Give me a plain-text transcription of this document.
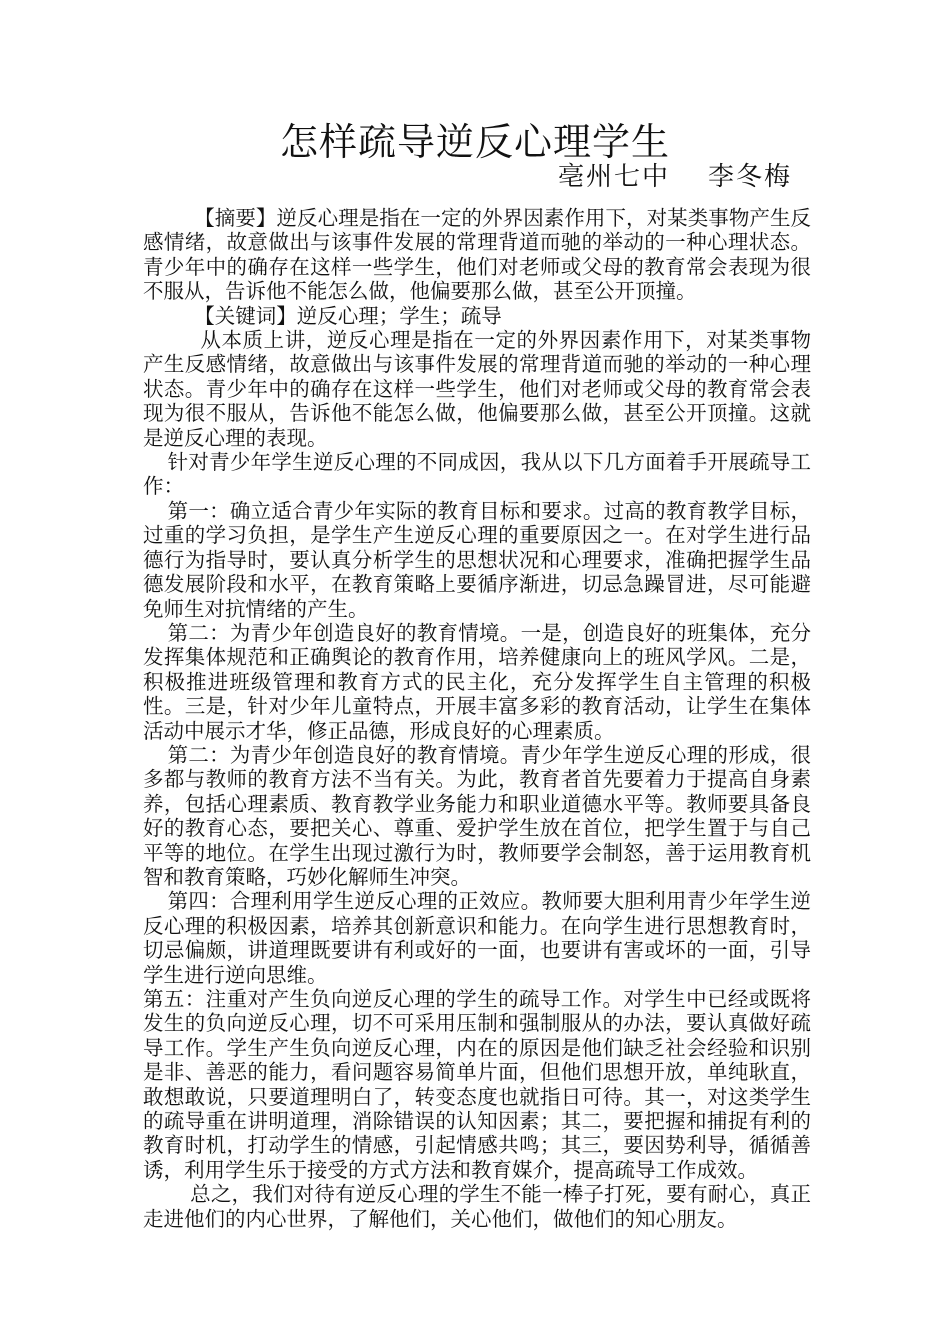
怎样疏导逆反心理学生
亳州七中 李冬梅

【摘要】逆反心理是指在一定的外界因素作用下，对某类事物产生反感情绪，故意做出与该事件发展的常理背道而驰的举动的一种心理状态。青少年中的确存在这样一些学生，他们对老师或父母的教育常会表现为很不服从，告诉他不能怎么做，他偏要那么做，甚至公开顶撞。

【关键词】逆反心理；学生；疏导

从本质上讲，逆反心理是指在一定的外界因素作用下，对某类事物产生反感情绪，故意做出与该事件发展的常理背道而驰的举动的一种心理状态。青少年中的确存在这样一些学生，他们对老师或父母的教育常会表现为很不服从，告诉他不能怎么做，他偏要那么做，甚至公开顶撞。这就是逆反心理的表现。

针对青少年学生逆反心理的不同成因，我从以下几方面着手开展疏导工作：

第一：确立适合青少年实际的教育目标和要求。过高的教育教学目标，过重的学习负担，是学生产生逆反心理的重要原因之一。在对学生进行品德行为指导时，要认真分析学生的思想状况和心理要求，准确把握学生品德发展阶段和水平，在教育策略上要循序渐进，切忌急躁冒进，尽可能避免师生对抗情绪的产生。

第二：为青少年创造良好的教育情境。一是，创造良好的班集体，充分发挥集体规范和正确舆论的教育作用，培养健康向上的班风学风。二是，积极推进班级管理和教育方式的民主化，充分发挥学生自主管理的积极性。三是，针对少年儿童特点，开展丰富多彩的教育活动，让学生在集体活动中展示才华，修正品德，形成良好的心理素质。

第二：为青少年创造良好的教育情境。青少年学生逆反心理的形成，很多都与教师的教育方法不当有关。为此，教育者首先要着力于提高自身素养，包括心理素质、教育教学业务能力和职业道德水平等。教师要具备良好的教育心态，要把关心、尊重、爱护学生放在首位，把学生置于与自己平等的地位。在学生出现过激行为时，教师要学会制怒，善于运用教育机智和教育策略，巧妙化解师生冲突。

第四：合理利用学生逆反心理的正效应。教师要大胆利用青少年学生逆反心理的积极因素，培养其创新意识和能力。在向学生进行思想教育时，切忌偏颇，讲道理既要讲有利或好的一面，也要讲有害或坏的一面，引导学生进行逆向思维。

第五：注重对产生负向逆反心理的学生的疏导工作。对学生中已经或既将发生的负向逆反心理，切不可采用压制和强制服从的办法，要认真做好疏导工作。学生产生负向逆反心理，内在的原因是他们缺乏社会经验和识别是非、善恶的能力，看问题容易简单片面，但他们思想开放，单纯耿直，敢想敢说，只要道理明白了，转变态度也就指日可待。其一，对这类学生的疏导重在讲明道理，消除错误的认知因素；其二，要把握和捕捉有利的教育时机，打动学生的情感，引起情感共鸣；其三，要因势利导，循循善诱，利用学生乐于接受的方式方法和教育媒介，提高疏导工作成效。

总之，我们对待有逆反心理的学生不能一棒子打死，要有耐心，真正走进他们的内心世界，了解他们，关心他们，做他们的知心朋友。
